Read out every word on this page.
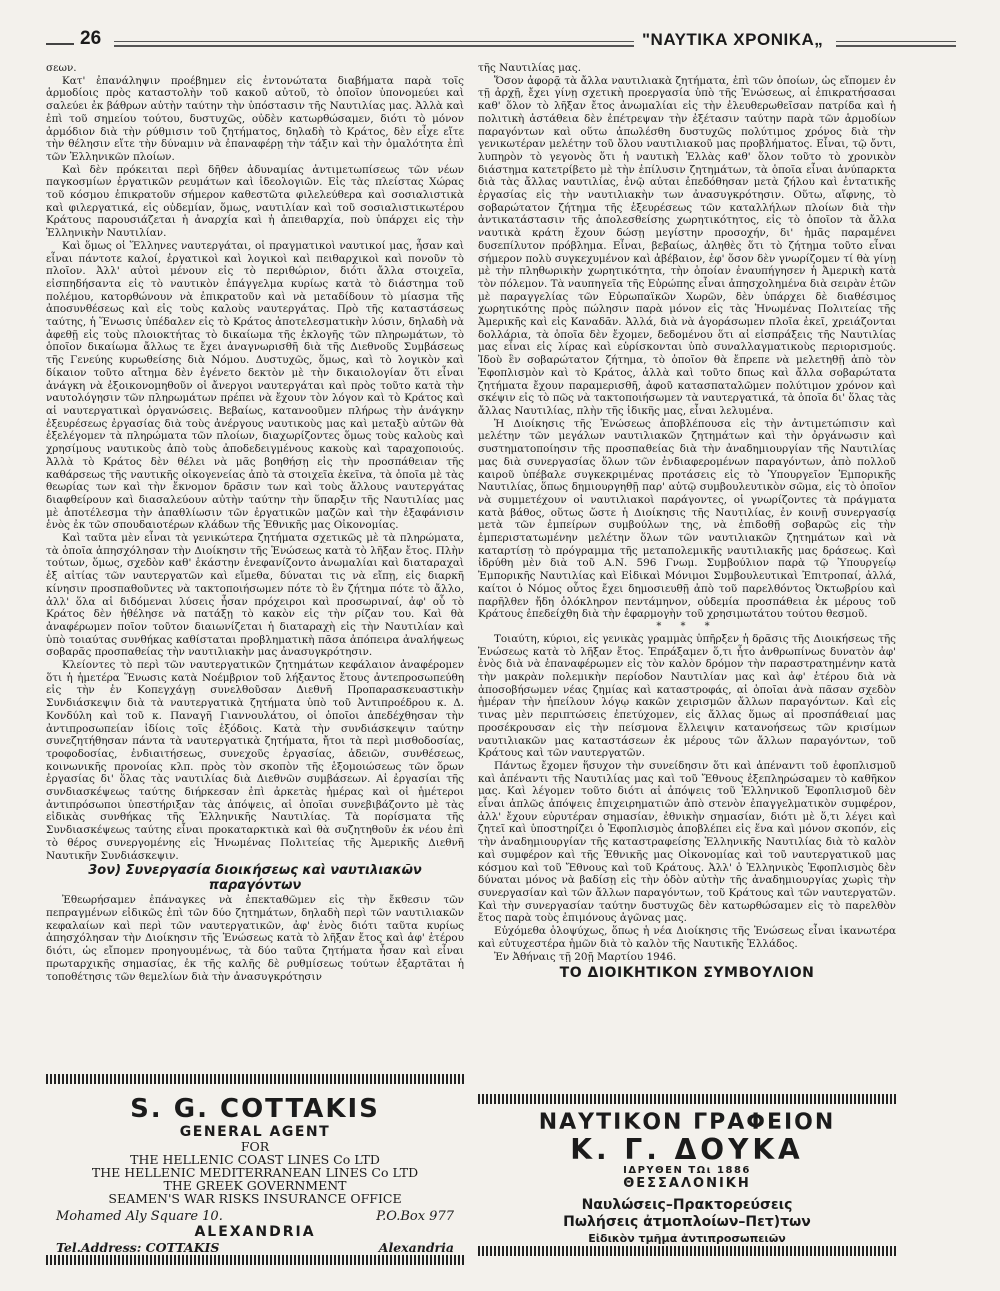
26	"ΝΑΥΤΙΚΑ ΧΡΟΝΙΚΑ„

σεων.

Κατ' ἐπανάληψιν προέβημεν εἰς ἐντονώτατα διαβήματα παρὰ τοῖς ἁρμοδίοις πρὸς καταστολὴν τοῦ κακοῦ αὐτοῦ, τὸ ὁποῖον ὑπονομεύει καὶ σαλεύει ἐκ βάθρων αὐτὴν ταύτην τὴν ὑπόστασιν τῆς Ναυτιλίας μας. Ἀλλὰ καὶ ἐπὶ τοῦ σημείου τούτου, δυστυχῶς, οὐδὲν κατωρθώσαμεν, διότι τὸ μόνον ἁρμόδιον διὰ τὴν ρύθμισιν τοῦ ζητήματος, δηλαδὴ τὸ Κράτος, δὲν εἶχε εἴτε τὴν θέλησιν εἴτε τὴν δύναμιν νὰ ἐπαναφέρῃ τὴν τάξιν καὶ τὴν ὁμαλότητα ἐπὶ τῶν Ἑλληνικῶν πλοίων.

Καὶ δὲν πρόκειται περὶ δῆθεν ἀδυναμίας ἀντιμετωπίσεως τῶν νέων παγκοσμίων ἐργατικῶν ρευμάτων καὶ ἰδεολογιῶν. Εἰς τὰς πλείστας Χώρας τοῦ κόσμου ἐπικρατοῦν σήμερον καθεστῶτα φιλελεύθερα καὶ σοσιαλιστικὰ καὶ φιλεργατικά, εἰς οὐδεμίαν, ὅμως, ναυτιλίαν καὶ τοῦ σοσιαλιστικωτέρου Κράτους παρουσιάζεται ἡ ἀναρχία καὶ ἡ ἀπειθαρχία, ποὺ ὑπάρχει εἰς τὴν Ἑλληνικὴν Ναυτιλίαν.

Καὶ ὅμως οἱ Ἕλληνες ναυτεργάται, οἱ πραγματικοὶ ναυτικοί μας, ἦσαν καὶ εἶναι πάντοτε καλοί, ἐργατικοὶ καὶ λογικοὶ καὶ πειθαρχικοὶ καὶ πονοῦν τὸ πλοῖον. Ἀλλ' αὐτοὶ μένουν εἰς τὸ περιθώριον, διότι ἄλλα στοιχεῖα, εἰσπηδήσαντα εἰς τὸ ναυτικὸν ἐπάγγελμα κυρίως κατὰ τὸ διάστημα τοῦ πολέμου, κατορθώνουν νὰ ἐπικρατοῦν καὶ νὰ μεταδίδουν τὸ μίασμα τῆς ἀποσυνθέσεως καὶ εἰς τοὺς καλοὺς ναυτεργάτας. Πρὸ τῆς καταστάσεως ταύτης, ἡ Ἕνωσις ὑπέδαλεν εἰς τὸ Κράτος ἀποτελεσματικὴν λύσιν, δηλαδὴ νὰ ἀφεθῇ εἰς τοὺς πλοιοκτήτας τὸ δικαίωμα τῆς ἐκλογῆς τῶν πληρωμάτων, τὸ ὁποῖον δικαίωμα ἄλλως τε ἔχει ἀναγνωρισθῆ διὰ τῆς Διεθνοῦς Συμβάσεως τῆς Γενεύης κυρωθείσης διὰ Νόμου. Δυστυχῶς, ὅμως, καὶ τὸ λογικὸν καὶ δίκαιον τοῦτο αἴτημα δὲν ἐγένετο δεκτὸν μὲ τὴν δικαιολογίαν ὅτι εἶναι ἀνάγκη νὰ ἐξοικονομηθοῦν οἱ ἄνεργοι ναυτεργάται καὶ πρὸς τοῦτο κατὰ τὴν ναυτολόγησιν τῶν πληρωμάτων πρέπει νὰ ἔχουν τὸν λόγον καὶ τὸ Κράτος καὶ αἱ ναυτεργατικαὶ ὀργανώσεις. Βεβαίως, κατανοοῦμεν πλήρως τὴν ἀνάγκην ἐξευρέσεως ἐργασίας διὰ τοὺς ἀνέργους ναυτικοὺς μας καὶ μεταξὺ αὐτῶν θὰ ἐξελέγομεν τὰ πληρώματα τῶν πλοίων, διαχωρίζοντες ὅμως τοὺς καλοὺς καὶ χρησίμους ναυτικοὺς ἀπὸ τοὺς ἀποδεδειγμένους κακοὺς καὶ ταραχοποιούς. Ἀλλὰ τὸ Κράτος δὲν θέλει νὰ μᾶς βοηθήσῃ εἰς τὴν προσπάθειαν τῆς καθάρσεως τῆς ναυτικῆς οἰκογενείας ἀπὸ τὰ στοιχεῖα ἐκεῖνα, τὰ ὁποῖα μὲ τὰς θεωρίας των καὶ τὴν ἔκνομον δρᾶσιν των καὶ τοὺς ἄλλους ναυτεργάτας διαφθείρουν καὶ διασαλεύουν αὐτὴν ταύτην τὴν ὕπαρξιν τῆς Ναυτιλίας μας μὲ ἀποτέλεσμα τὴν ἀπαθλίωσιν τῶν ἐργατικῶν μαζῶν καὶ τὴν ἐξαφάνισιν ἑνὸς ἐκ τῶν σπουδαιοτέρων κλάδων τῆς Ἐθνικῆς μας Οἰκονομίας.

Καὶ ταῦτα μὲν εἶναι τὰ γενικώτερα ζητήματα σχετικῶς μὲ τὰ πληρώματα, τὰ ὁποῖα ἀπησχόλησαν τὴν Διοίκησιν τῆς Ἑνώσεως κατὰ τὸ λῆξαν ἔτος. Πλὴν τούτων, ὅμως, σχεδὸν καθ' ἑκάστην ἐνεφανίζοντο ἀνωμαλίαι καὶ διαταραχαὶ ἐξ αἰτίας τῶν ναυτεργατῶν καὶ εἴμεθα, δύναται τις νὰ εἴπῃ, εἰς διαρκῆ κίνησιν προσπαθοῦντες νὰ τακτοποιήσωμεν πότε τὸ ἓν ζήτημα πότε τὸ ἄλλο, ἀλλ' ὅλα αἱ διδόμεναι λύσεις ἦσαν πρόχειροι καὶ προσωριναί, ἀφ' οὗ τὸ Κράτος δὲν ἠθέλησε νὰ πατάξῃ τὸ κακὸν εἰς τὴν ρίζαν του. Καὶ θὰ ἀναφέρωμεν ποῖον τοῦτον διαιωνίζεται ἡ διαταραχὴ εἰς τὴν Ναυτιλίαν καὶ ὑπὸ τοιαύτας συνθήκας καθίσταται προβληματικὴ πᾶσα ἀπόπειρα ἀναλήψεως σοβαρᾶς προσπαθείας τὴν ναυτιλιακὴν μας ἀνασυγκρότησιν.

Κλείοντες τὸ περὶ τῶν ναυτεργατικῶν ζητημάτων κεφάλαιον ἀναφέρομεν ὅτι ἡ ἡμετέρα Ἕνωσις κατὰ Νοέμβριον τοῦ λήξαντος ἔτους ἀντεπροσωπεύθη εἰς τὴν ἐν Κοπεγχάγῃ συνελθοῦσαν Διεθνῆ Προπαρασκευαστικὴν Συνδιάσκεψιν διὰ τὰ ναυτεργατικὰ ζητήματα ὑπὸ τοῦ Ἀντιπροέδρου κ. Δ. Κονδύλη καὶ τοῦ κ. Παναγῆ Γιαννουλάτου, οἱ ὁποῖοι ἀπεδέχθησαν τὴν ἀντιπροσωπείαν ἰδίοις τοῖς ἐξόδοις. Κατὰ τὴν συνδιάσκεψιν ταύτην συνεζητήθησαν πάντα τὰ ναυτεργατικὰ ζητήματα, ἤτοι τὰ περὶ μισθοδοσίας, τροφοδοσίας, ἐνδιαιτήσεως, συνεχοῦς ἐργασίας, ἀδειῶν, συνθέσεως, κοινωνικῆς προνοίας κλπ. πρὸς τὸν σκοπὸν τῆς ἑξομοιώσεως τῶν ὅρων ἐργασίας δι' ὅλας τὰς ναυτιλίας διὰ Διεθνῶν συμβάσεων. Αἱ ἐργασίαι τῆς συνδιασκέψεως ταύτης διήρκεσαν ἐπὶ ἀρκετὰς ἡμέρας καὶ οἱ ἡμέτεροι ἀντιπρόσωποι ὑπεστήριξαν τὰς ἀπόψεις, αἱ ὁποῖαι συνεβιβάζοντο μὲ τὰς εἰδικὰς συνθήκας τῆς Ἑλληνικῆς Ναυτιλίας. Τὰ πορίσματα τῆς Συνδιασκέψεως ταύτης εἶναι προκαταρκτικὰ καὶ θὰ συζητηθοῦν ἐκ νέου ἐπὶ τὸ θέρος συνεργομένης εἰς Ἡνωμένας Πολιτείας τῆς Ἀμερικῆς Διεθνῆ Ναυτικῆν Συνδιάσκεψιν.

3ον) Συνεργασία διοικήσεως καὶ ναυτιλιακῶν παραγόντων

Ἐθεωρήσαμεν ἐπάναγκες νὰ ἐπεκταθῶμεν εἰς τὴν ἔκθεσιν τῶν πεπραγμένων εἰδικῶς ἐπὶ τῶν δύο ζητημάτων, δηλαδὴ περὶ τῶν ναυτιλιακῶν κεφαλαίων καὶ περὶ τῶν ναυτεργατικῶν, ἀφ' ἑνὸς διότι ταῦτα κυρίως ἀπησχόλησαν τὴν Διοίκησιν τῆς Ἑνώσεως κατὰ τὸ λῆξαν ἔτος καὶ ἀφ' ἑτέρου διότι, ὡς εἴπομεν προηγουμένως, τὰ δύο ταῦτα ζητήματα ἦσαν καὶ εἶναι πρωταρχικῆς σημασίας, ἐκ τῆς καλῆς δὲ ρυθμίσεως τούτων ἐξαρτᾶται ἡ τοποθέτησις τῶν θεμελίων διὰ τὴν ἀνασυγκρότησιν

τῆς Ναυτιλίας μας.

Ὅσον ἀφορᾷ τὰ ἄλλα ναυτιλιακὰ ζητήματα, ἐπὶ τῶν ὁποίων, ὡς εἴπομεν ἐν τῇ ἀρχῇ, ἔχει γίνῃ σχετικὴ προεργασία ὑπὸ τῆς Ἑνώσεως, αἱ ἐπικρατήσασαι καθ' ὅλον τὸ λῆξαν ἔτος ἀνωμαλίαι εἰς τὴν ἐλευθερωθεῖσαν πατρίδα καὶ ἡ πολιτικὴ ἀστάθεια δὲν ἐπέτρεψαν τὴν ἐξέτασιν ταύτην παρὰ τῶν ἁρμοδίων παραγόντων καὶ οὕτω ἀπωλέσθη δυστυχῶς πολύτιμος χρόνος διὰ τὴν γενικωτέραν μελέτην τοῦ ὅλου ναυτιλιακοῦ μας προβλήματος. Εἶναι, τῷ ὄντι, λυπηρὸν τὸ γεγονὸς ὅτι ἡ ναυτικὴ Ἑλλὰς καθ' ὅλον τοῦτο τὸ χρονικὸν διάστημα κατετρίβετο μὲ τὴν ἐπίλυσιν ζητημάτων, τὰ ὁποῖα εἶναι ἀνύπαρκτα διὰ τὰς ἄλλας ναυτιλίας, ἐνῷ αὐται ἐπεδόθησαν μετὰ ζήλου καὶ ἐντατικῆς ἐργασίας εἰς τὴν ναυτιλιακὴν των ἀνασυγκρότησιν. Οὕτω, αἴφνης, τὸ σοβαρώτατον ζήτημα τῆς ἐξευρέσεως τῶν καταλλήλων πλοίων διὰ τὴν ἀντικατάστασιν τῆς ἀπολεσθείσης χωρητικότητος, εἰς τὸ ὁποῖον τὰ ἄλλα ναυτικὰ κράτη ἔχουν δώσῃ μεγίστην προσοχήν, δι' ἡμᾶς παραμένει δυσεπίλυτον πρόβλημα. Εἶναι, βεβαίως, ἀληθὲς ὅτι τὸ ζήτημα τοῦτο εἶναι σήμερον πολὺ συγκεχυμένον καὶ ἀβέβαιον, ἐφ' ὅσον δὲν γνωρίζομεν τί θὰ γίνῃ μὲ τὴν πληθωρικὴν χωρητικότητα, τὴν ὁποίαν ἐναυπήγησεν ἡ Ἀμερικὴ κατὰ τὸν πόλεμον. Τὰ ναυπηγεῖα τῆς Εὐρώπης εἶναι ἀπησχολημένα διὰ σειρὰν ἐτῶν μὲ παραγγελίας τῶν Εὐρωπαϊκῶν Χωρῶν, δὲν ὑπάρχει δὲ διαθέσιμος χωρητικότης πρὸς πώλησιν παρὰ μόνον εἰς τὰς Ἡνωμένας Πολιτείας τῆς Ἀμερικῆς καὶ εἰς Καναδᾶν. Ἀλλά, διὰ νὰ ἀγοράσωμεν πλοῖα ἐκεῖ, χρειάζονται δολλάρια, τὰ ὁποῖα δὲν ἔχομεν, δεδομένου ὅτι αἱ εἰσπράξεις τῆς Ναυτιλίας μας εἶναι εἰς λίρας καὶ εὑρίσκονται ὑπὸ συναλλαγματικοὺς περιορισμούς. Ἰδοὺ ἓν σοβαρώτατον ζήτημα, τὸ ὁποῖον θὰ ἔπρεπε νὰ μελετηθῇ ἀπὸ τὸν Ἐφοπλισμὸν καὶ τὸ Κράτος, ἀλλὰ καὶ τοῦτο δπως καὶ ἄλλα σοβαρώτατα ζητήματα ἔχουν παραμερισθῆ, ἀφοῦ κατασπαταλῶμεν πολύτιμον χρόνον καὶ σκέψιν εἰς τὸ πῶς νὰ τακτοποιήσωμεν τὰ ναυτεργατικά, τὰ ὁποῖα δι' ὅλας τὰς ἄλλας Ναυτιλίας, πλὴν τῆς ἰδικῆς μας, εἶναι λελυμένα.

Ἡ Διοίκησις τῆς Ἑνώσεως ἀποβλέπουσα εἰς τὴν ἀντιμετώπισιν καὶ μελέτην τῶν μεγάλων ναυτιλιακῶν ζητημάτων καὶ τὴν ὀργάνωσιν καὶ συστηματοποίησιν τῆς προσπαθείας διὰ τὴν ἀναδημιουργίαν τῆς Ναυτιλίας μας διὰ συνεργασίας ὅλων τῶν ἐνδιαφερομένων παραγόντων, ἀπὸ πολλοῦ καιροῦ ὑπέβαλε συγκεκριμένας προτάσεις εἰς τὸ Ὑπουργεῖον Ἐμπορικῆς Ναυτιλίας, ὅπως δημιουργηθῇ παρ' αὐτῷ συμβουλευτικὸν σῶμα, εἰς τὸ ὁποῖον νὰ συμμετέχουν οἱ ναυτιλιακοὶ παράγοντες, οἱ γνωρίζοντες τὰ πράγματα κατὰ βάθος, οὕτως ὥστε ἡ Διοίκησις τῆς Ναυτιλίας, ἐν κοινῇ συνεργασίᾳ μετὰ τῶν ἐμπείρων συμβούλων της, νὰ ἐπιδοθῇ σοβαρῶς εἰς τὴν ἐμπεριστατωμένην μελέτην ὅλων τῶν ναυτιλιακῶν ζητημάτων καὶ νὰ καταρτίσῃ τὸ πρόγραμμα τῆς μεταπολεμικῆς ναυτιλιακῆς μας δράσεως. Καὶ ἱδρύθη μὲν διὰ τοῦ Α.Ν. 596 Γνωμ. Συμβούλιον παρὰ τῷ Ὑπουργείῳ Ἐμπορικῆς Ναυτιλίας καὶ Εἰδικαὶ Μόνιμοι Συμβουλευτικαὶ Ἐπιτροπαί, ἀλλά, καίτοι ὁ Νόμος οὗτος ἔχει δημοσιευθῇ ἀπὸ τοῦ παρελθόντος Ὀκτωβρίου καὶ παρῆλθεν ἤδη ὁλόκληρον πεντάμηνον, οὐδεμία προσπάθεια ἐκ μέρους τοῦ Κράτους ἐπεδείχθη διὰ τὴν ἐφαρμογὴν τοῦ χρησιμωτάτου τούτου θεσμοῦ.

* * *

Τοιαύτη, κύριοι, εἰς γενικὰς γραμμὰς ὑπῆρξεν ἡ δρᾶσις τῆς Διοικήσεως τῆς Ἑνώσεως κατὰ τὸ λῆξαν ἔτος. Ἐπράξαμεν ὅ,τι ἦτο ἀνθρωπίνως δυνατὸν ἀφ' ἑνὸς διὰ νὰ ἐπαναφέρωμεν εἰς τὸν καλὸν δρόμον τὴν παραστρατημένην κατὰ τὴν μακρὰν πολεμικὴν περίοδον Ναυτιλίαν μας καὶ ἀφ' ἑτέρου διὰ νὰ ἀποσοβήσωμεν νέας ζημίας καὶ καταστροφάς, αἱ ὁποῖαι ἀνὰ πᾶσαν σχεδὸν ἡμέραν τὴν ἠπείλουν λόγῳ κακῶν χειρισμῶν ἄλλων παραγόντων. Καὶ εἰς τινας μὲν περιπτώσεις ἐπετύχομεν, εἰς ἄλλας ὅμως αἱ προσπάθειαί μας προσέκρουσαν εἰς τὴν πείσμονα ἔλλειψιν κατανοήσεως τῶν κρισίμων ναυτιλιακῶν μας καταστάσεων ἐκ μέρους τῶν ἄλλων παραγόντων, τοῦ Κράτους καὶ τῶν ναυτεργατῶν.

Πάντως ἔχομεν ἥσυχον τὴν συνείδησιν ὅτι καὶ ἀπέναντι τοῦ ἐφοπλισμοῦ καὶ ἀπέναντι τῆς Ναυτιλίας μας καὶ τοῦ Ἔθνους ἐξεπληρώσαμεν τὸ καθῆκον μας. Καὶ λέγομεν τοῦτο διότι αἱ ἀπόψεις τοῦ Ἑλληνικοῦ Ἐφοπλισμοῦ δὲν εἶναι ἁπλῶς ἀπόψεις ἐπιχειρηματιῶν ἀπὸ στενὸν ἐπαγγελματικὸν συμφέρον, ἀλλ' ἔχουν εὐρυτέραν σημασίαν, ἐθνικὴν σημασίαν, διότι μὲ ὅ,τι λέγει καὶ ζητεῖ καὶ ὑποστηρίζει ὁ Ἐφοπλισμὸς ἀποβλέπει εἰς ἕνα καὶ μόνον σκοπόν, εἰς τὴν ἀναδημιουργίαν τῆς καταστραφείσης Ἑλληνικῆς Ναυτιλίας διὰ τὸ καλὸν καὶ συμφέρον καὶ τῆς Ἐθνικῆς μας Οἰκονομίας καὶ τοῦ ναυτεργατικοῦ μας κόσμου καὶ τοῦ Ἔθνους καὶ τοῦ Κράτους. Ἀλλ' ὁ Ἑλληνικὸς Ἐφοπλισμὸς δὲν δύναται μόνος νὰ βαδίσῃ εἰς τὴν ὁδὸν αὐτὴν τῆς ἀναδημιουργίας χωρὶς τὴν συνεργασίαν καὶ τῶν ἄλλων παραγόντων, τοῦ Κράτους καὶ τῶν ναυτεργατῶν. Καὶ τὴν συνεργασίαν ταύτην δυστυχῶς δὲν κατωρθώσαμεν εἰς τὸ παρελθὸν ἔτος παρὰ τοὺς ἐπιμόνους ἀγῶνας μας.

Εὐχόμεθα ὁλοψύχως, ὅπως ἡ νέα Διοίκησις τῆς Ἑνώσεως εἶναι ἱκανωτέρα καὶ εὐτυχεστέρα ἡμῶν διὰ τὸ καλὸν τῆς Ναυτικῆς Ἑλλάδος.

Ἐν Ἀθήναις τῇ 20ῇ Μαρτίου 1946.

ΤΟ ΔΙΟΙΚΗΤΙΚΟΝ ΣΥΜΒΟΥΛΙΟΝ
S. G. COTTAKIS
GENERAL AGENT
FOR
THE HELLENIC COAST LINES Co LTD
THE HELLENIC MEDITERRANEAN LINES Co LTD
THE GREEK GOVERNMENT
SEAMEN'S WAR RISKS INSURANCE OFFICE
Mohamed Aly Square 10.	P.O.Box 977
ALEXANDRIA
Tel.Address: COTTAKIS	Alexandria
ΝΑΥΤΙΚΟΝ ΓΡΑΦΕΙΟΝ
Κ. Γ. ΔΟΥΚΑ
ΙΔΡΥΘΕΝ ΤΩι 1886
ΘΕΣΣΑΛΟΝΙΚΗ
Ναυλώσεις–Πρακτορεύσεις
Πωλήσεις ἀτμοπλοίων–Πετ)των
Εἰδικὸν τμῆμα ἀντιπροσωπειῶν
